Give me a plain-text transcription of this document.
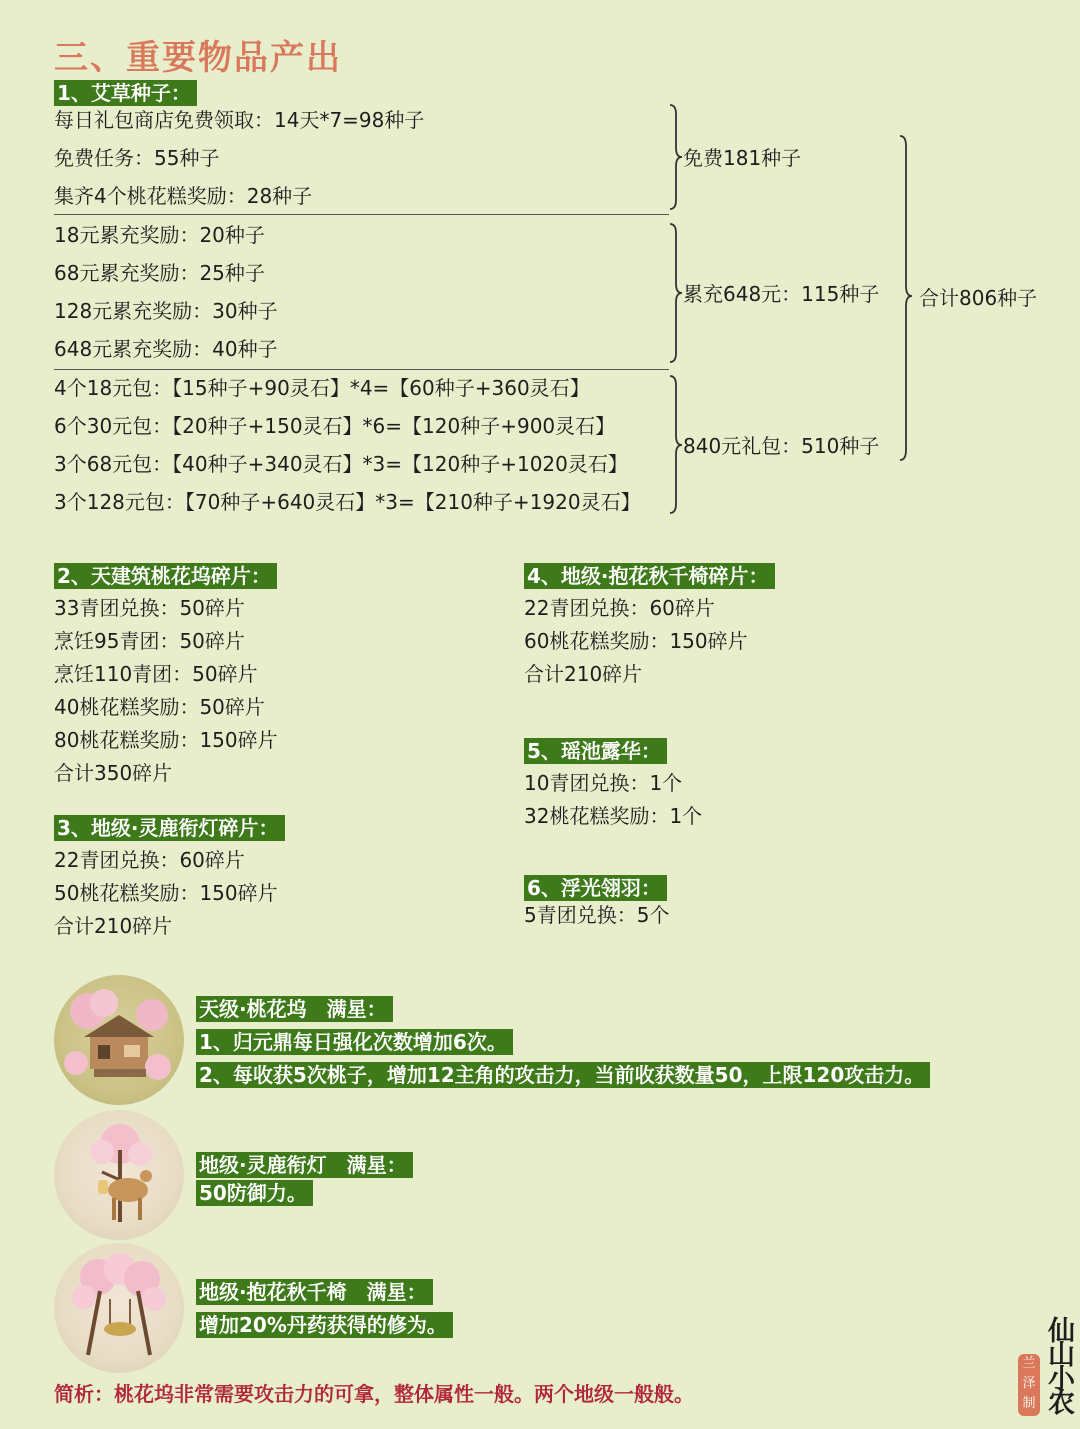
三、重要物品产出
1、艾草种子：
每日礼包商店免费领取：14天*7=98种子
免费任务：55种子
集齐4个桃花糕奖励：28种子
18元累充奖励：20种子
68元累充奖励：25种子
128元累充奖励：30种子
648元累充奖励：40种子
4个18元包：【15种子+90灵石】*4=【60种子+360灵石】
6个30元包：【20种子+150灵石】*6=【120种子+900灵石】
3个68元包：【40种子+340灵石】*3=【120种子+1020灵石】
3个128元包：【70种子+640灵石】*3=【210种子+1920灵石】
免费181种子
累充648元：115种子
840元礼包：510种子
合计806种子
2、天建筑桃花坞碎片：
33青团兑换：50碎片
烹饪95青团：50碎片
烹饪110青团：50碎片
40桃花糕奖励：50碎片
80桃花糕奖励：150碎片
合计350碎片
3、地级·灵鹿衔灯碎片：
22青团兑换：60碎片
50桃花糕奖励：150碎片
合计210碎片
4、地级·抱花秋千椅碎片：
22青团兑换：60碎片
60桃花糕奖励：150碎片
合计210碎片
5、瑶池露华：
10青团兑换：1个
32桃花糕奖励：1个
6、浮光翎羽：
5青团兑换：5个
天级·桃花坞　满星：
1、归元鼎每日强化次数增加6次。
2、每收获5次桃子，增加12主角的攻击力，当前收获数量50，上限120攻击力。
地级·灵鹿衔灯　满星：
50防御力。
地级·抱花秋千椅　满星：
增加20%丹药获得的修为。
简析：桃花坞非常需要攻击力的可拿，整体属性一般。两个地级一般般。
仙
山
小
农
兰
泽
制
